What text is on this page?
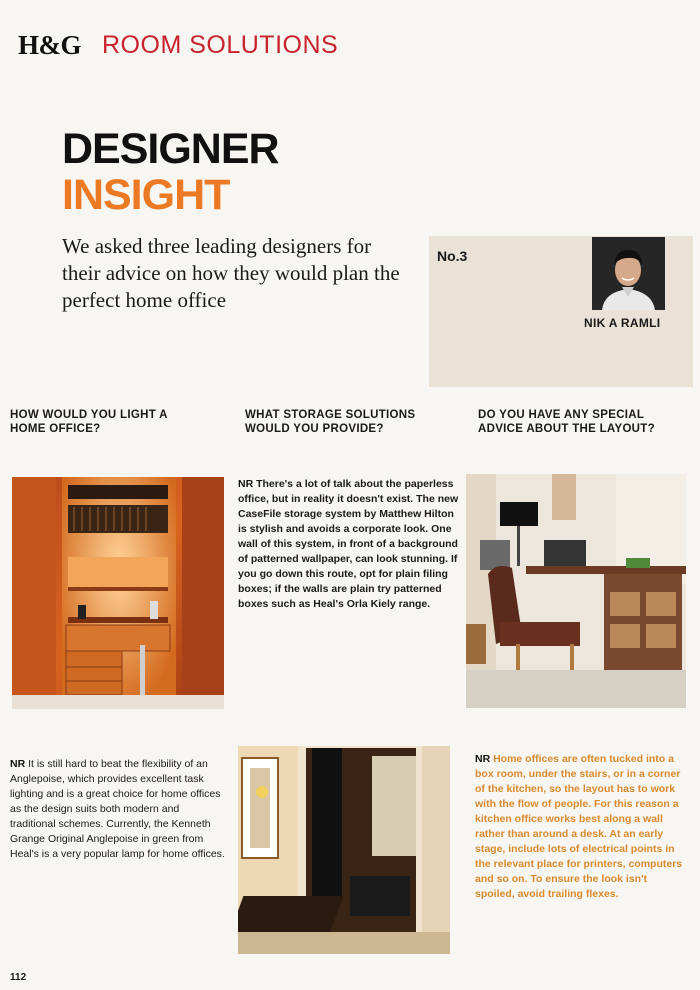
H&G ROOM SOLUTIONS
DESIGNER
INSIGHT
We asked three leading designers for their advice on how they would plan the perfect home office
No.3
NIK A RAMLI
HOW WOULD YOU LIGHT A HOME OFFICE?
WHAT STORAGE SOLUTIONS WOULD YOU PROVIDE?
DO YOU HAVE ANY SPECIAL ADVICE ABOUT THE LAYOUT?
NR There's a lot of talk about the paperless office, but in reality it doesn't exist. The new CaseFile storage system by Matthew Hilton is stylish and avoids a corporate look. One wall of this system, in front of a background of patterned wallpaper, can look stunning. If you go down this route, opt for plain filing boxes; if the walls are plain try patterned boxes such as Heal's Orla Kiely range.
NR It is still hard to beat the flexibility of an Anglepoise, which provides excellent task lighting and is a great choice for home offices as the design suits both modern and traditional schemes. Currently, the Kenneth Grange Original Anglepoise in green from Heal's is a very popular lamp for home offices.
NR Home offices are often tucked into a box room, under the stairs, or in a corner of the kitchen, so the layout has to work with the flow of people. For this reason a kitchen office works best along a wall rather than around a desk. At an early stage, include lots of electrical points in the relevant place for printers, computers and so on. To ensure the look isn't spoiled, avoid trailing flexes.
112
